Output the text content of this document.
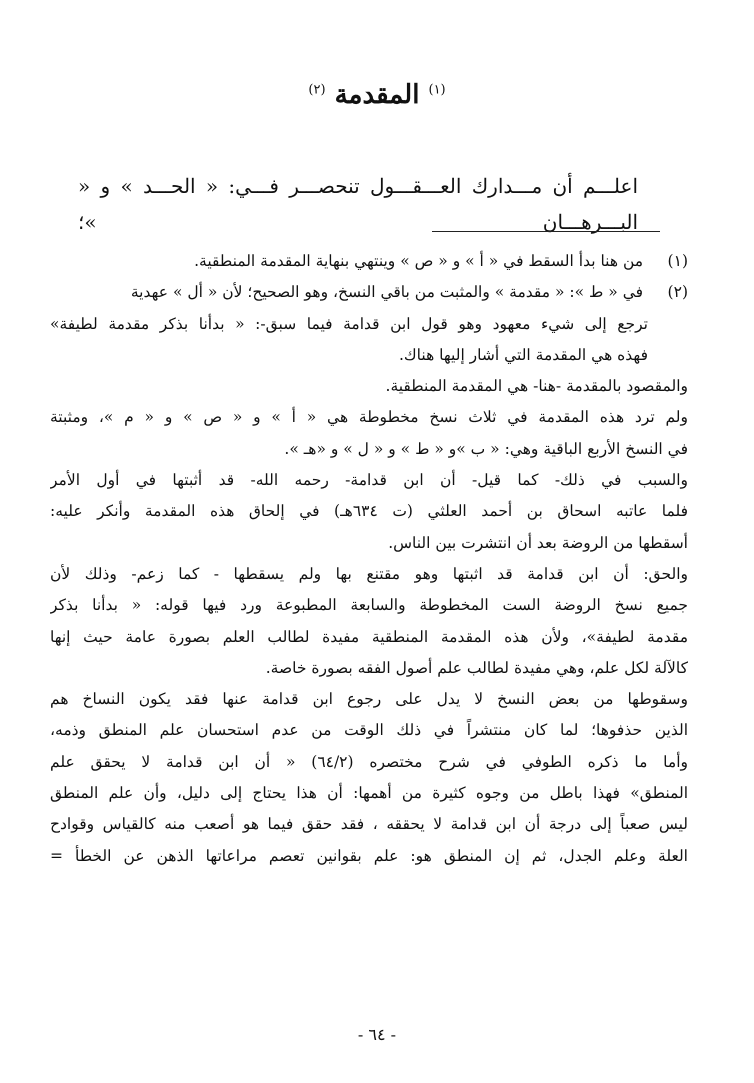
$^{(١)}$ المقدمة $^{(٢)}$
اعلـــم أن مـــدارك العـــقـــول تنحصـــر فـــي: « الحـــد » و « البـــرهـــان »؛
(١) من هنا بدأ السقط في « أ » و « ص » وينتهي بنهاية المقدمة المنطقية.
(٢) في « ط »: « مقدمة » والمثبت من باقي النسخ، وهو الصحيح؛ لأن « أل » عهدية
ترجع إلى شيء معهود وهو قول ابن قدامة فيما سبق-: « بدأنا بذكر مقدمة لطيفة»
فهذه هي المقدمة التي أشار إليها هناك.
والمقصود بالمقدمة -هنا- هي المقدمة المنطقية.
ولم ترد هذه المقدمة في ثلاث نسخ مخطوطة هي « أ » و « ص » و « م »، ومثبتة
في النسخ الأربع الباقية وهي: « ب »و « ط » و « ل » و «هـ ».
والسبب في ذلك- كما قيل- أن ابن قدامة- رحمه الله- قد أثبتها في أول الأمر
فلما عاتبه اسحاق بن أحمد العلثي (ت ٦٣٤هـ) في إلحاق هذه المقدمة وأنكر عليه:
أسقطها من الروضة بعد أن انتشرت بين الناس.
والحق: أن ابن قدامة قد اثبتها وهو مقتنع بها ولم يسقطها - كما زعم- وذلك لأن
جميع نسخ الروضة الست المخطوطة والسابعة المطبوعة ورد فيها قوله: « بدأنا بذكر
مقدمة لطيفة»، ولأن هذه المقدمة المنطقية مفيدة لطالب العلم بصورة عامة حيث إنها
كالآلة لكل علم، وهي مفيدة لطالب علم أصول الفقه بصورة خاصة.
وسقوطها من بعض النسخ لا يدل على رجوع ابن قدامة عنها فقد يكون النساخ هم
الذين حذفوها؛ لما كان منتشراً في ذلك الوقت من عدم استحسان علم المنطق وذمه،
وأما ما ذكره الطوفي في شرح مختصره (٦٤/٢) « أن ابن قدامة لا يحقق علم
المنطق» فهذا باطل من وجوه كثيرة من أهمها: أن هذا يحتاج إلى دليل، وأن علم المنطق
ليس صعباً إلى درجة أن ابن قدامة لا يحققه ، فقد حقق فيما هو أصعب منه كالقياس وقوادح
العلة وعلم الجدل، ثم إن المنطق هو: علم بقوانين تعصم مراعاتها الذهن عن الخطأ =
- ٦٤ -
